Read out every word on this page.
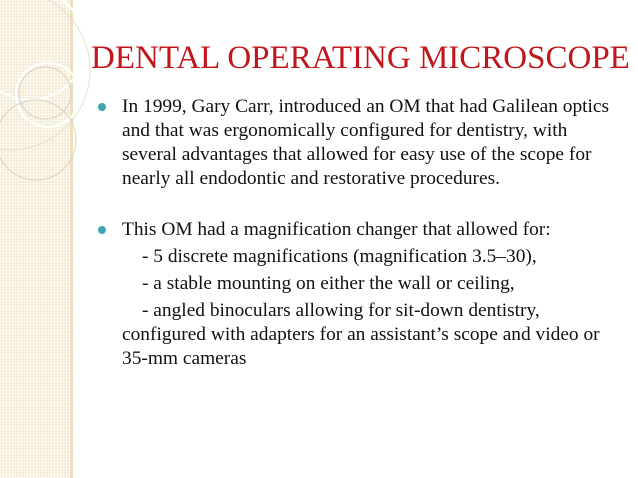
DENTAL OPERATING MICROSCOPE
In 1999, Gary Carr, introduced an OM that had Galilean optics and that was ergonomically configured for dentistry, with several advantages that allowed for easy use of the scope for nearly all endodontic and restorative procedures.
This OM had a magnification changer that allowed for:
- 5 discrete magnifications (magnification 3.5–30),
- a stable mounting on either the wall or ceiling,
- angled binoculars allowing for sit-down dentistry,
configured with adapters for an assistant’s scope and video or 35-mm cameras
